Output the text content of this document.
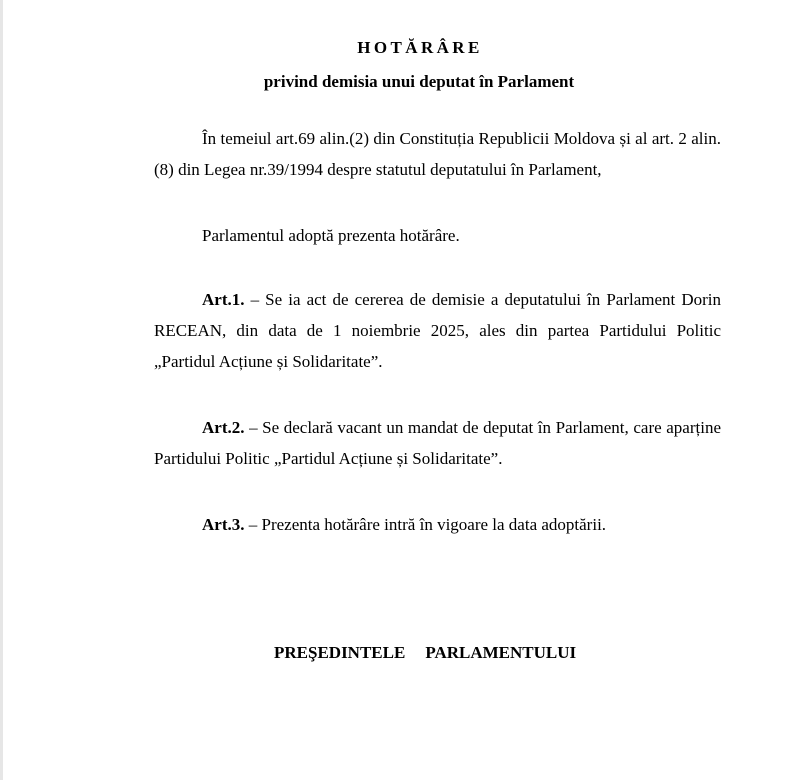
HOTĂRÂRE
privind demisia unui deputat în Parlament

În temeiul art.69 alin.(2) din Constituția Republicii Moldova și al art. 2 alin. (8) din Legea nr.39/1994 despre statutul deputatului în Parlament,

Parlamentul adoptă prezenta hotărâre.

Art.1. – Se ia act de cererea de demisie a deputatului în Parlament Dorin RECEAN, din data de 1 noiembrie 2025, ales din partea Partidului Politic „Partidul Acțiune și Solidaritate”.

Art.2. – Se declară vacant un mandat de deputat în Parlament, care aparține Partidului Politic „Partidul Acțiune și Solidaritate”.

Art.3. – Prezenta hotărâre intră în vigoare la data adoptării.

PREŞEDINTELE PARLAMENTULUI
